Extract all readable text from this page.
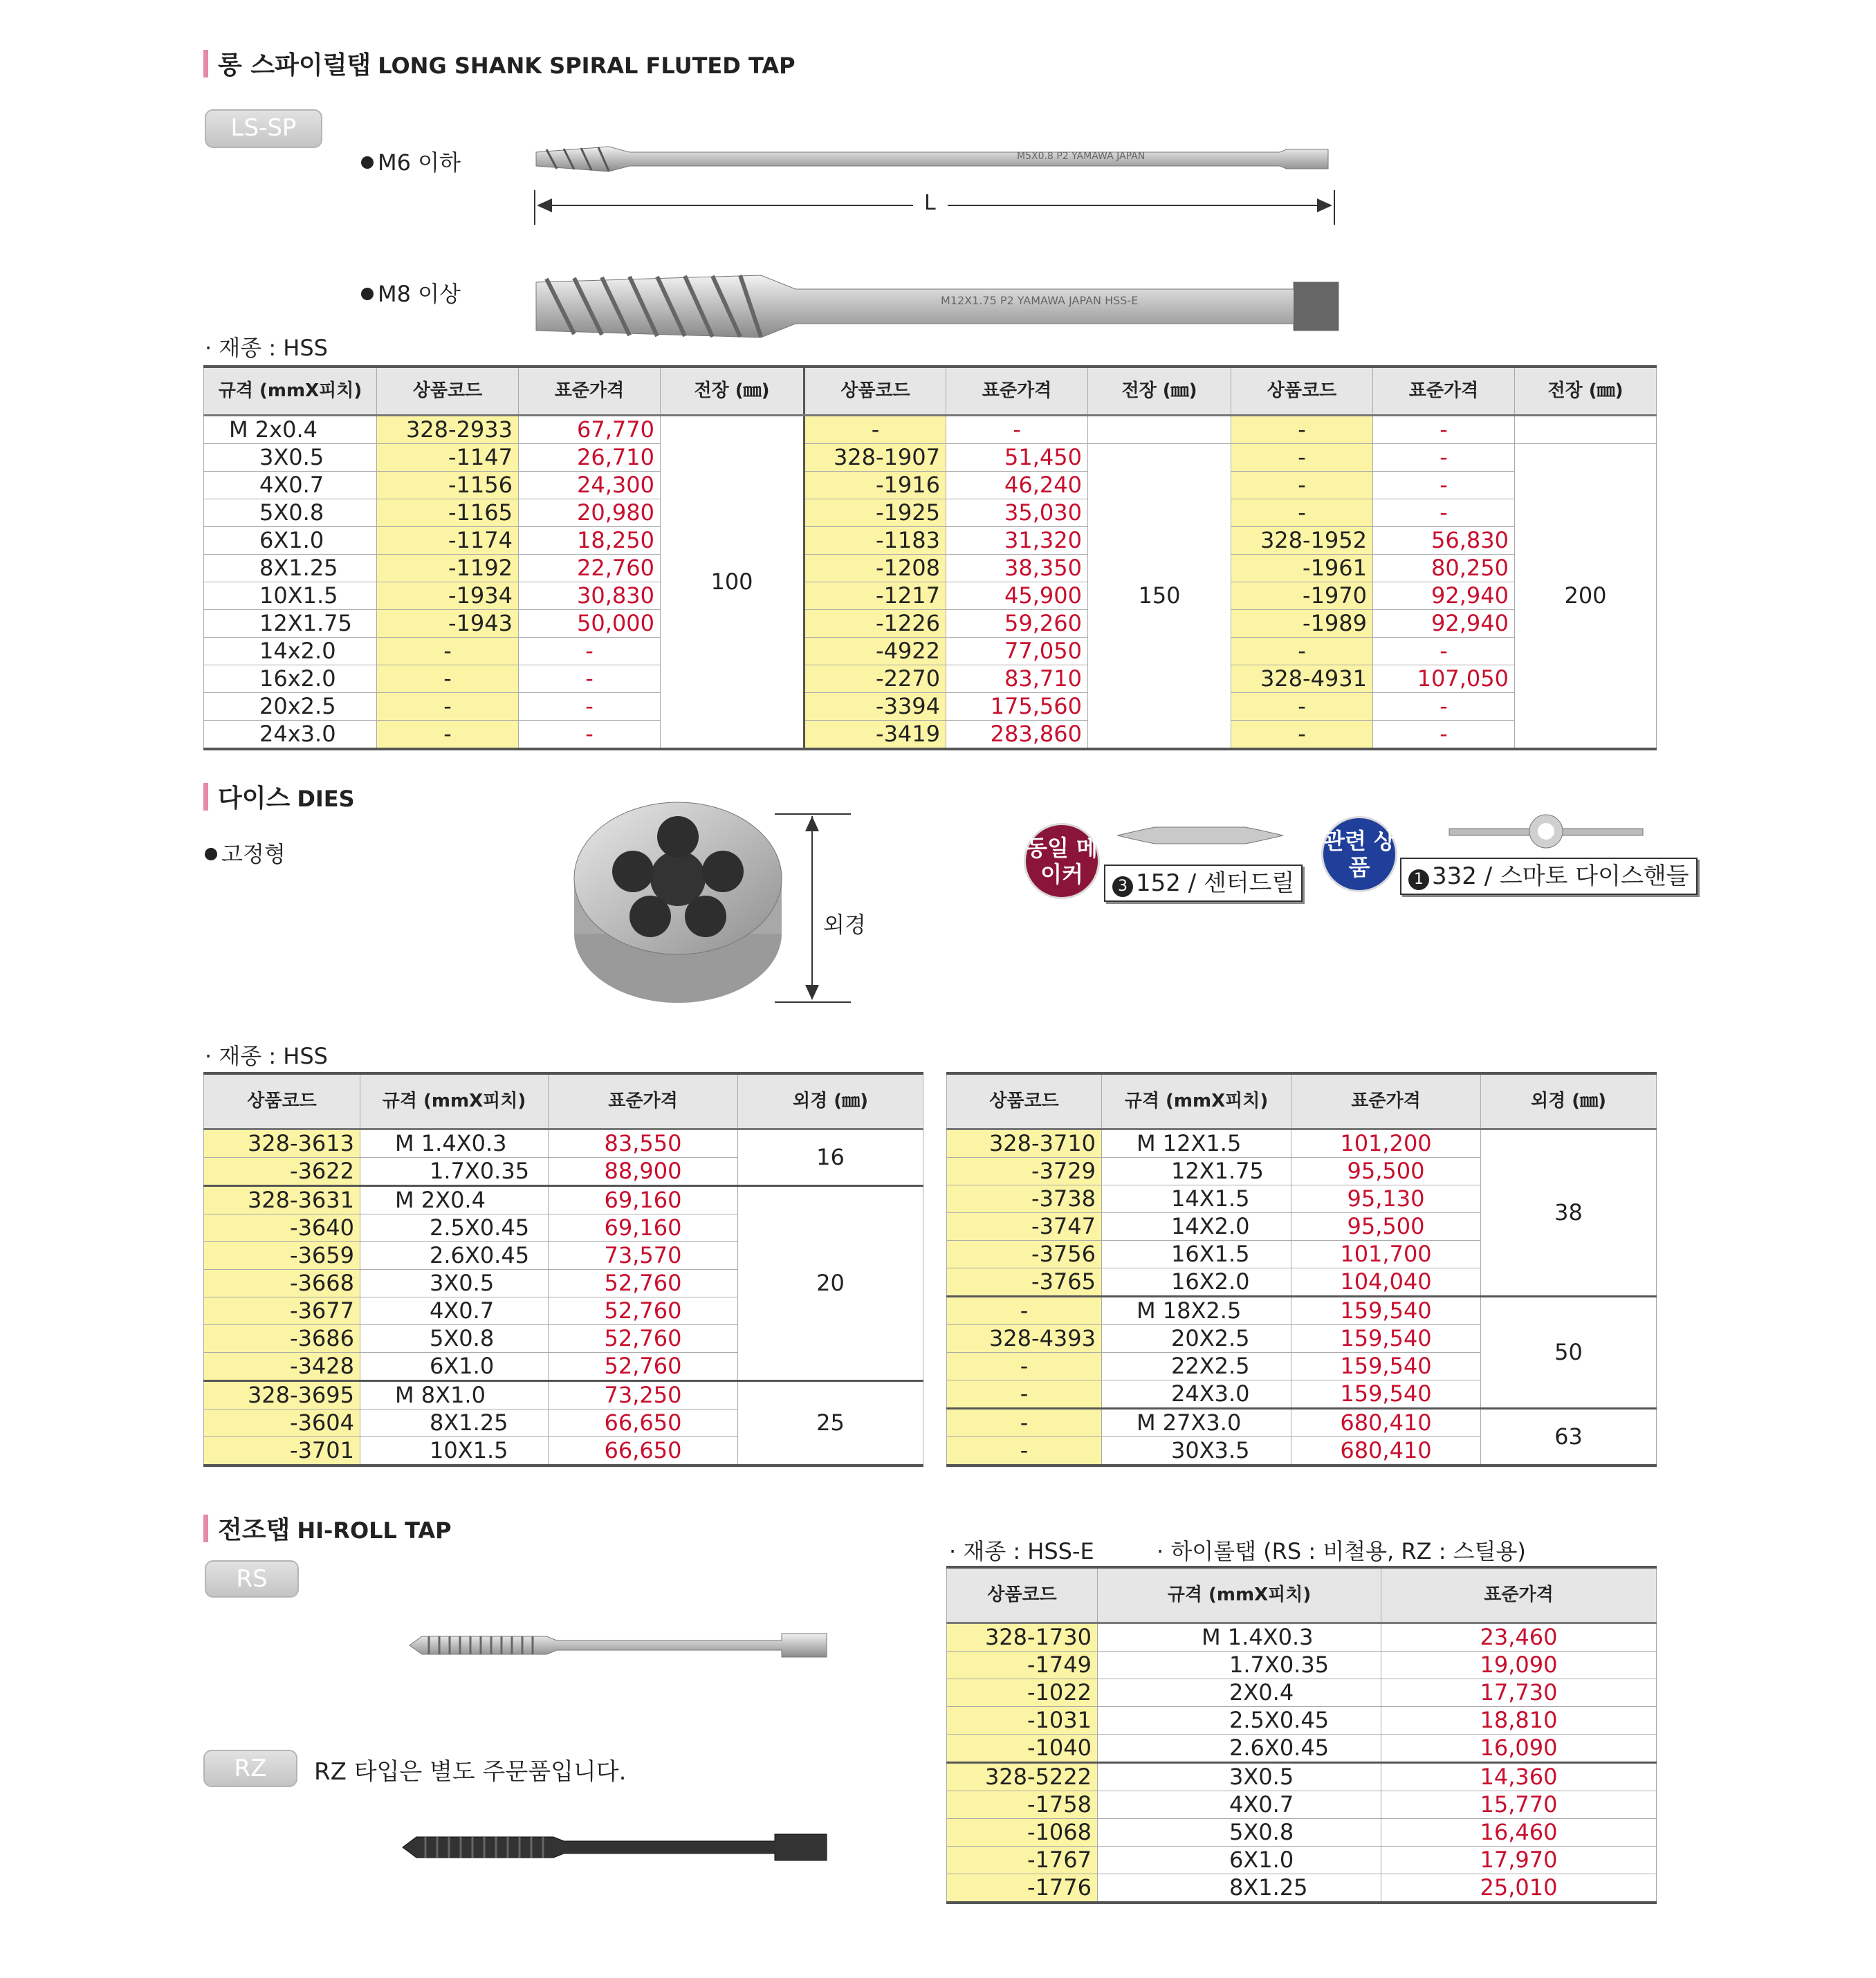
롱 스파이럴탭 LONG SHANK SPIRAL FLUTED TAP
LS-SP
M6 이하
M8 이상
M5X0.8 P2 YAMAWA JAPAN
L
M12X1.75 P2 YAMAWA JAPAN HSS-E
· 재종 : HSS
규격 (mmX피치)	상품코드	표준가격	전장 (㎜)	상품코드	표준가격	전장 (㎜)	상품코드	표준가격	전장 (㎜)
M 2x0.4	328-2933	67,770	100	-	-		-	-	
3X0.5	-1147	26,710		328-1907	51,450	150	-	-	200
4X0.7	-1156	24,300		-1916	46,240		-	-	
5X0.8	-1165	20,980		-1925	35,030		-	-	
6X1.0	-1174	18,250		-1183	31,320		328-1952	56,830	
8X1.25	-1192	22,760		-1208	38,350		-1961	80,250	
10X1.5	-1934	30,830		-1217	45,900		-1970	92,940	
12X1.75	-1943	50,000		-1226	59,260		-1989	92,940	
14x2.0	-	-		-4922	77,050		-	-	
16x2.0	-	-		-2270	83,710		328-4931	107,050	
20x2.5	-	-		-3394	175,560		-	-	
24x3.0	-	-		-3419	283,860		-	-	
다이스 DIES
고정형
외경
동일 메이커	3 152 / 센터드릴
관련 상품	1 332 / 스마토 다이스핸들
· 재종 : HSS
상품코드	규격 (mmX피치)	표준가격	외경 (㎜)
328-3613	M 1.4X0.3	83,550	16
-3622	1.7X0.35	88,900	
328-3631	M 2X0.4	69,160	20
-3640	2.5X0.45	69,160	
-3659	2.6X0.45	73,570	
-3668	3X0.5	52,760	
-3677	4X0.7	52,760	
-3686	5X0.8	52,760	
-3428	6X1.0	52,760	
328-3695	M 8X1.0	73,250	25
-3604	8X1.25	66,650	
-3701	10X1.5	66,650	
상품코드	규격 (mmX피치)	표준가격	외경 (㎜)
328-3710	M 12X1.5	101,200	38
-3729	12X1.75	95,500	
-3738	14X1.5	95,130	
-3747	14X2.0	95,500	
-3756	16X1.5	101,700	
-3765	16X2.0	104,040	
-	M 18X2.5	159,540	50
328-4393	20X2.5	159,540	
-	22X2.5	159,540	
-	24X3.0	159,540	
-	M 27X3.0	680,410	63
-	30X3.5	680,410	
전조탭 HI-ROLL TAP
RS
RZ	RZ 타입은 별도 주문품입니다.
· 재종 : HSS-E	· 하이롤탭 (RS : 비철용, RZ : 스틸용)
상품코드	규격 (mmX피치)	표준가격
328-1730	M 1.4X0.3	23,460
-1749	1.7X0.35	19,090
-1022	2X0.4	17,730
-1031	2.5X0.45	18,810
-1040	2.6X0.45	16,090
328-5222	3X0.5	14,360
-1758	4X0.7	15,770
-1068	5X0.8	16,460
-1767	6X1.0	17,970
-1776	8X1.25	25,010
